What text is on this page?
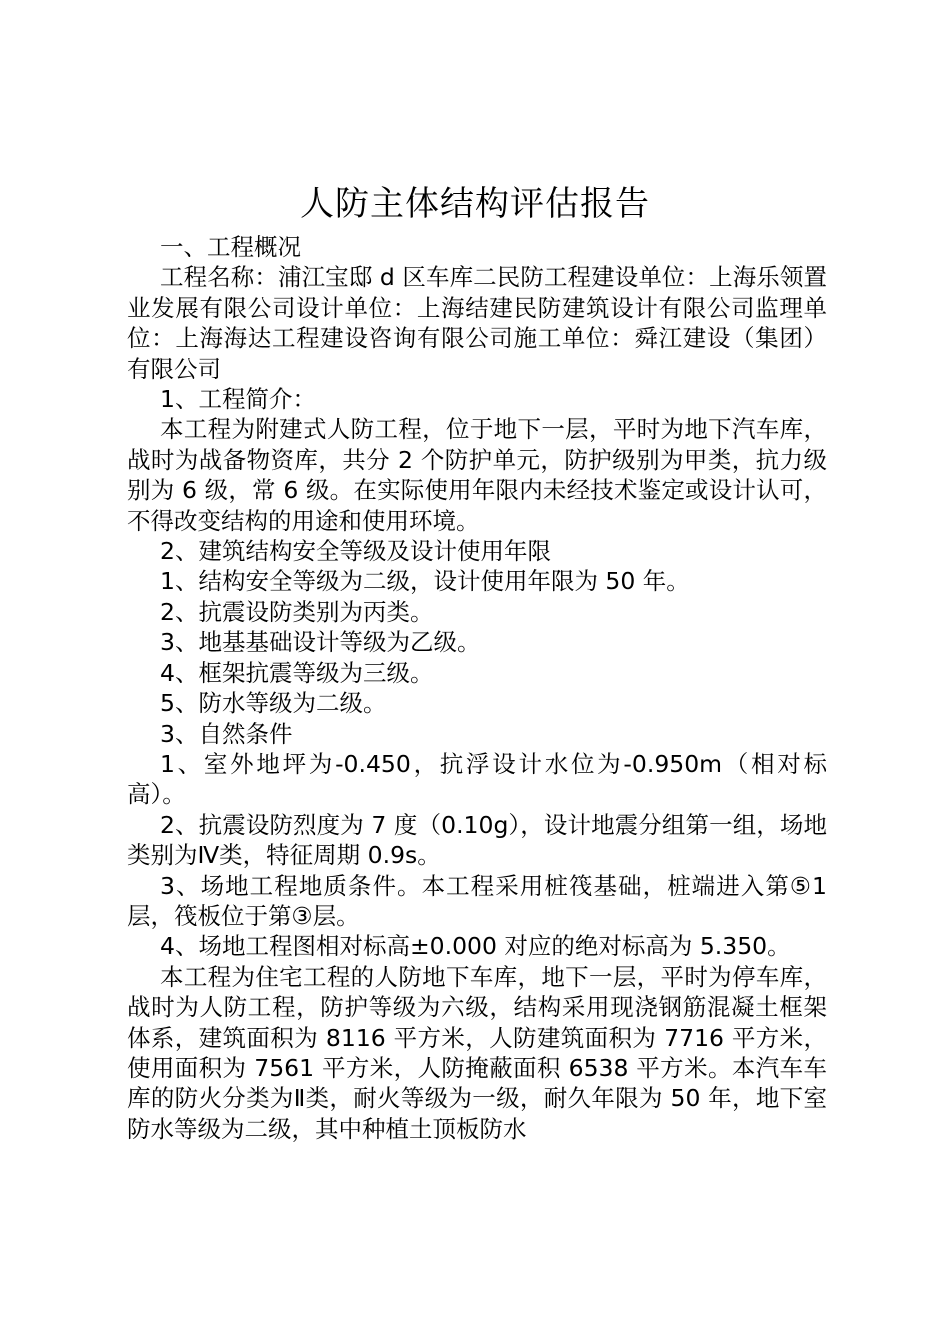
人防主体结构评估报告

一、工程概况

工程名称：浦江宝邸 d 区车库二民防工程建设单位：上海乐领置业发展有限公司设计单位：上海结建民防建筑设计有限公司监理单位：上海海达工程建设咨询有限公司施工单位：舜江建设（集团）有限公司

1、工程简介：

本工程为附建式人防工程，位于地下一层，平时为地下汽车库，战时为战备物资库，共分 2 个防护单元，防护级别为甲类，抗力级别为 6 级，常 6 级。在实际使用年限内未经技术鉴定或设计认可，不得改变结构的用途和使用环境。

2、建筑结构安全等级及设计使用年限

1、结构安全等级为二级，设计使用年限为 50 年。

2、抗震设防类别为丙类。

3、地基基础设计等级为乙级。

4、框架抗震等级为三级。

5、防水等级为二级。

3、自然条件

1、室外地坪为-0.450，抗浮设计水位为-0.950m（相对标高）。

2、抗震设防烈度为 7 度（0.10g），设计地震分组第一组，场地类别为Ⅳ类，特征周期 0.9s。

3、场地工程地质条件。本工程采用桩筏基础，桩端进入第⑤1 层，筏板位于第③层。

4、场地工程图相对标高±0.000 对应的绝对标高为 5.350。

本工程为住宅工程的人防地下车库，地下一层，平时为停车库，战时为人防工程，防护等级为六级，结构采用现浇钢筋混凝土框架体系，建筑面积为 8116 平方米，人防建筑面积为 7716 平方米，使用面积为 7561 平方米，人防掩蔽面积 6538 平方米。本汽车车库的防火分类为Ⅱ类，耐火等级为一级，耐久年限为 50 年，地下室防水等级为二级，其中种植土顶板防水
